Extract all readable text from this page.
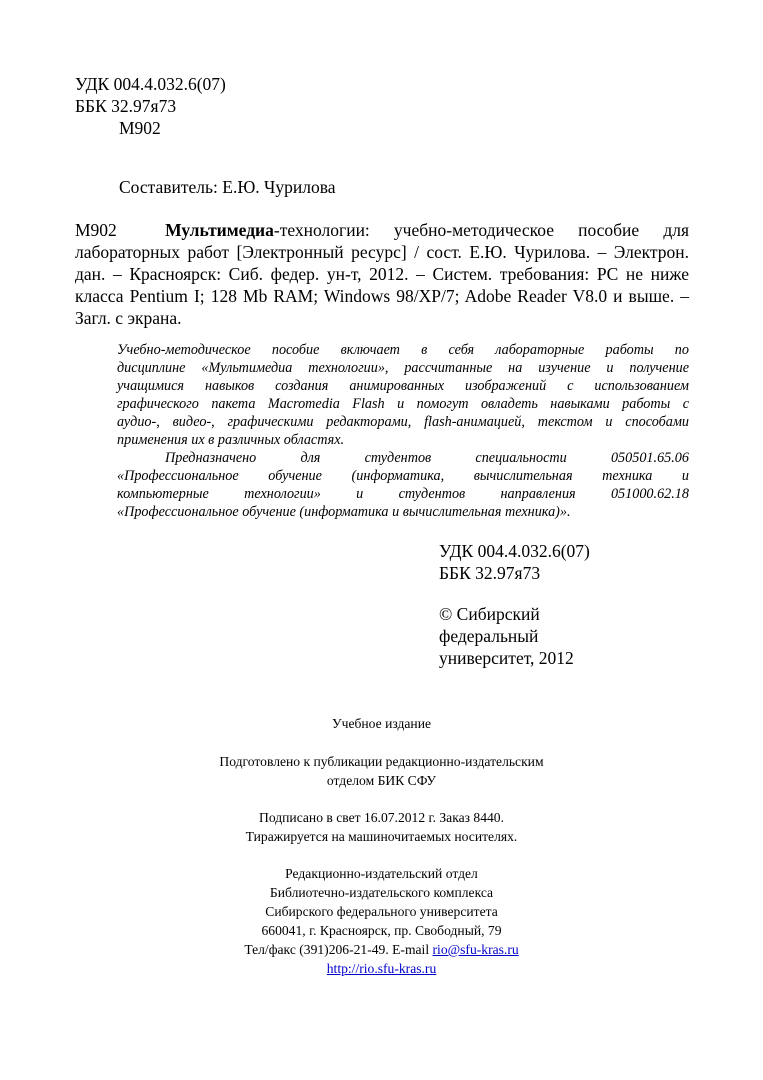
УДК 004.4.032.6(07)
ББК 32.97я73
М902
Составитель: Е.Ю. Чурилова
М902	Мультимедиа-технологии: учебно-методическое пособие для
лабораторных работ [Электронный ресурс] / сост. Е.Ю. Чурилова. – Электрон.
дан. – Красноярск: Сиб. федер. ун-т, 2012. – Систем. требования: PC не ниже
класса Pentium I; 128 Mb RAM; Windows 98/XP/7; Adobe Reader V8.0 и выше. –
Загл. с экрана.
Учебно-методическое пособие включает в себя лабораторные работы по
дисциплине «Мультимедиа технологии», рассчитанные на изучение и получение
учащимися навыков создания анимированных изображений с использованием
графического пакета Macromedia Flash и помогут овладеть навыками работы с
аудио-, видео-, графическими редакторами, flash-анимацией, текстом и способами
применения их в различных областях.
Предназначено для студентов специальности 050501.65.06
«Профессиональное обучение (информатика, вычислительная техника и
компьютерные технологии» и студентов направления 051000.62.18
«Профессиональное обучение (информатика и вычислительная техника)».
УДК 004.4.032.6(07)
ББК 32.97я73
© Сибирский
федеральный
университет, 2012
Учебное издание
Подготовлено к публикации редакционно-издательским
отделом БИК СФУ
Подписано в свет 16.07.2012 г. Заказ 8440.
Тиражируется на машиночитаемых носителях.
Редакционно-издательский отдел
Библиотечно-издательского комплекса
Сибирского федерального университета
660041, г. Красноярск, пр. Свободный, 79
Тел/факс (391)206-21-49. E-mail rio@sfu-kras.ru
http://rio.sfu-kras.ru
